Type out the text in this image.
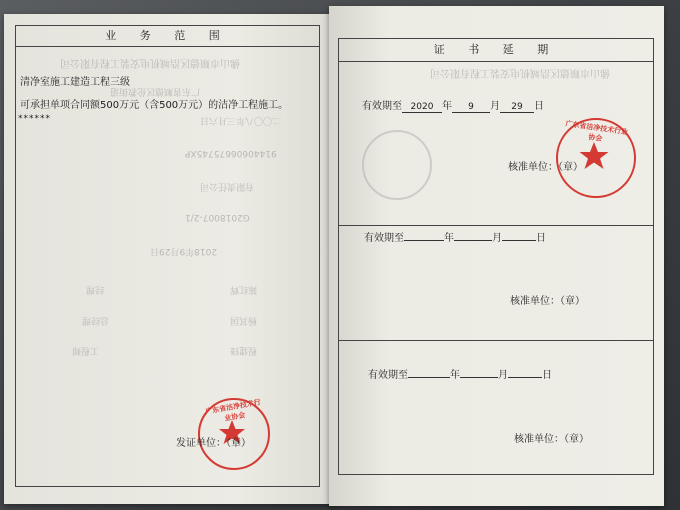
业 务 范 围
佛山市顺德区浩城机电安装工程有限公司
广东省顺德区伦教街道
二〇〇八年三月六日
91440606675745XP
有限责任公司
G2018007-2/1
2018年9月29日
陈红辉
杨其国
程建锋
经理
总经理
工程师
清净室施工建造工程三级
可承担单项合同额500万元（含500万元）的洁净工程施工。
******
广东省洁净技术行业协会
发证单位：（章）
证 书 延 期
佛山市顺德区浩城机电安装工程有限公司
有效期至 2020 年 9 月 29 日
核准单位：（章）
广东省洁净技术行业协会
有效期至	年	月	日
核准单位：（章）
有效期至	年	月	日
核准单位：（章）
